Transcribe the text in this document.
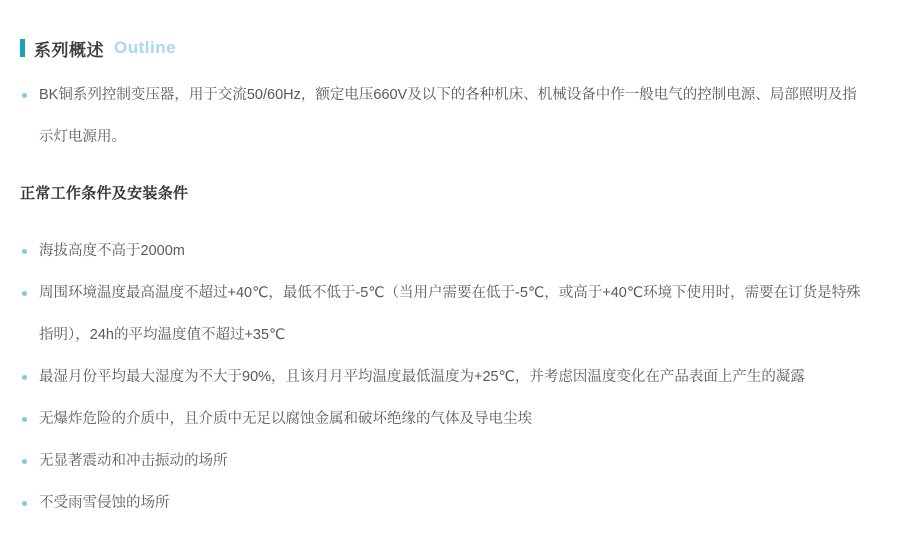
系列概述 Outline
BK铜系列控制变压器，用于交流50/60Hz，额定电压660V及以下的各种机床、机械设备中作一般电气的控制电源、局部照明及指示灯电源用。
正常工作条件及安装条件
海拔高度不高于2000m
周围环境温度最高温度不超过+40℃，最低不低于-5℃（当用户需要在低于-5℃，或高于+40℃环境下使用时，需要在订货是特殊指明），24h的平均温度值不超过+35℃
最湿月份平均最大湿度为不大于90%，且该月月平均温度最低温度为+25℃，并考虑因温度变化在产品表面上产生的凝露
无爆炸危险的介质中，且介质中无足以腐蚀金属和破坏绝缘的气体及导电尘埃
无显著震动和冲击振动的场所
不受雨雪侵蚀的场所
